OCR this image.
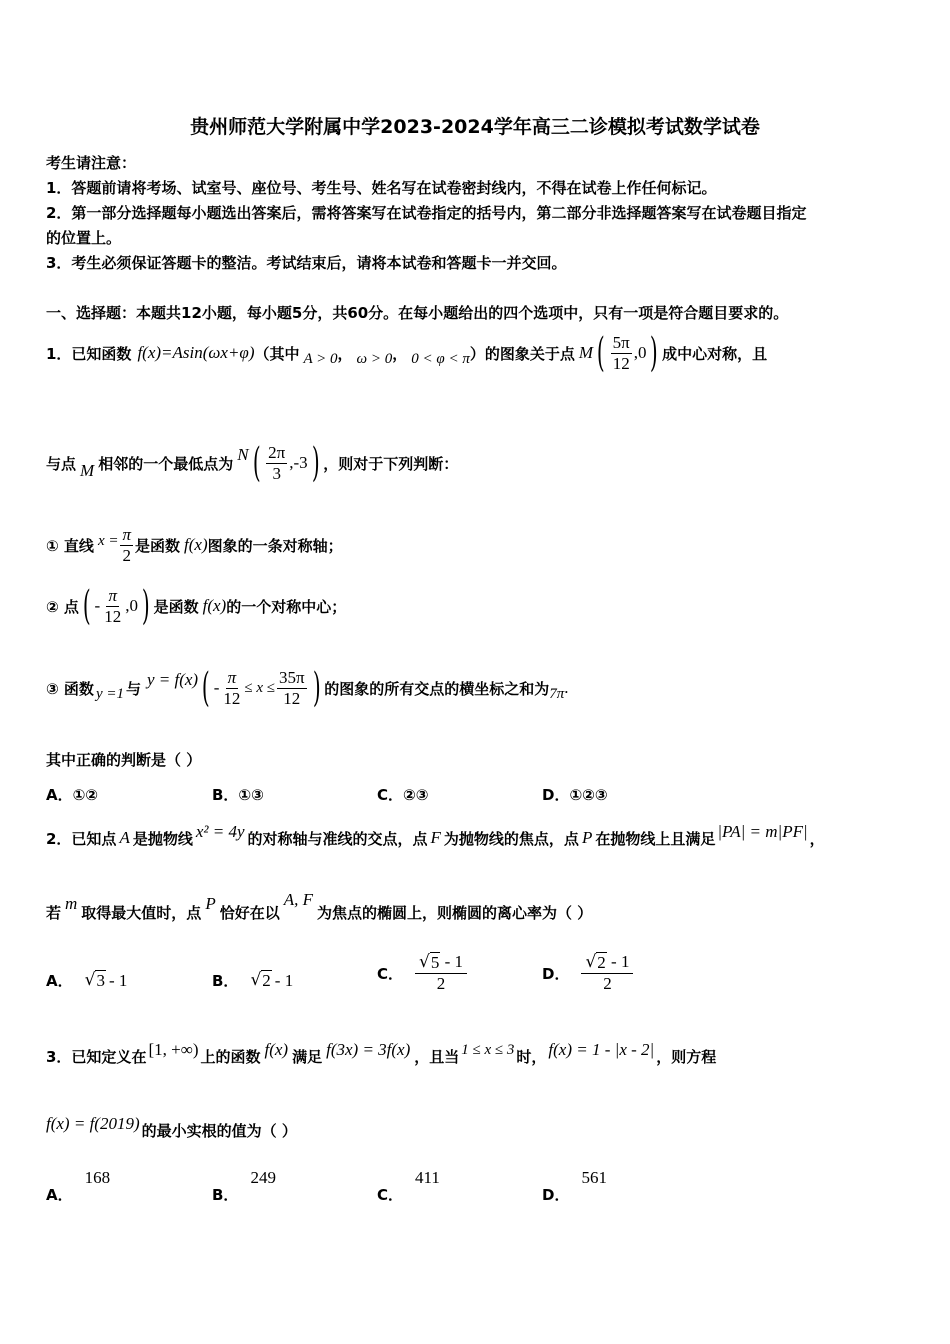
贵州师范大学附属中学2023-2024学年高三二诊模拟考试数学试卷
考生请注意：
1．答题前请将考场、试室号、座位号、考生号、姓名写在试卷密封线内，不得在试卷上作任何标记。
2．第一部分选择题每小题选出答案后，需将答案写在试卷指定的括号内，第二部分非选择题答案写在试卷题目指定
的位置上。
3．考生必须保证答题卡的整洁。考试结束后，请将本试卷和答题卡一并交回。
一、选择题：本题共12小题，每小题5分，共60分。在每小题给出的四个选项中，只有一项是符合题目要求的。
1．已知函数 f(x)=Asin(ωx+φ) （其中 A > 0 ， ω > 0 ， 0 < φ < π ）的图象关于点 M ( $\frac{5\pi}{12} ,0$ ) 成中心对称，且
与点 M 相邻的一个最低点为 N ( $\frac{2\pi}{3} ,-3$ ) ，则对于下列判断：
① 直线 $x = \frac{\pi}{2}$ 是函数 f(x) 图象的一条对称轴；
② 点 ( - $\frac{\pi}{12} ,0$ ) 是函数 f(x) 的一个对称中心；
③ 函数 y =1 与 y = f(x) ( - $\frac{\pi}{12} \le x \le \frac{35\pi}{12}$ ) 的图象的所有交点的横坐标之和为 7π .
其中正确的判断是（ ）
A．①②	B．①③	C．②③	D．①②③
2．已知点 A 是抛物线 x² = 4y 的对称轴与准线的交点，点 F 为抛物线的焦点，点 P 在抛物线上且满足 |PA| = m|PF| ，
若 m 取得最大值时，点 P 恰好在以
A, F
为焦点的椭圆上，则椭圆的离心率为（ ）
A． √ 3 - 1	B． √ 2 - 1	C． $\frac{√ 5 - 1}{2}$	D． $\frac{√ 2 - 1}{2}$
3．已知定义在 [1, +∞) 上的函数 f(x) 满足 f(3x) = 3f(x) ，且当 1 ≤ x ≤ 3 时， f(x) = 1 - |x - 2| ，则方程
f(x) = f(2019) 的最小实根的值为（ ）
A．
168
B．
249
C．
411
D．
561
